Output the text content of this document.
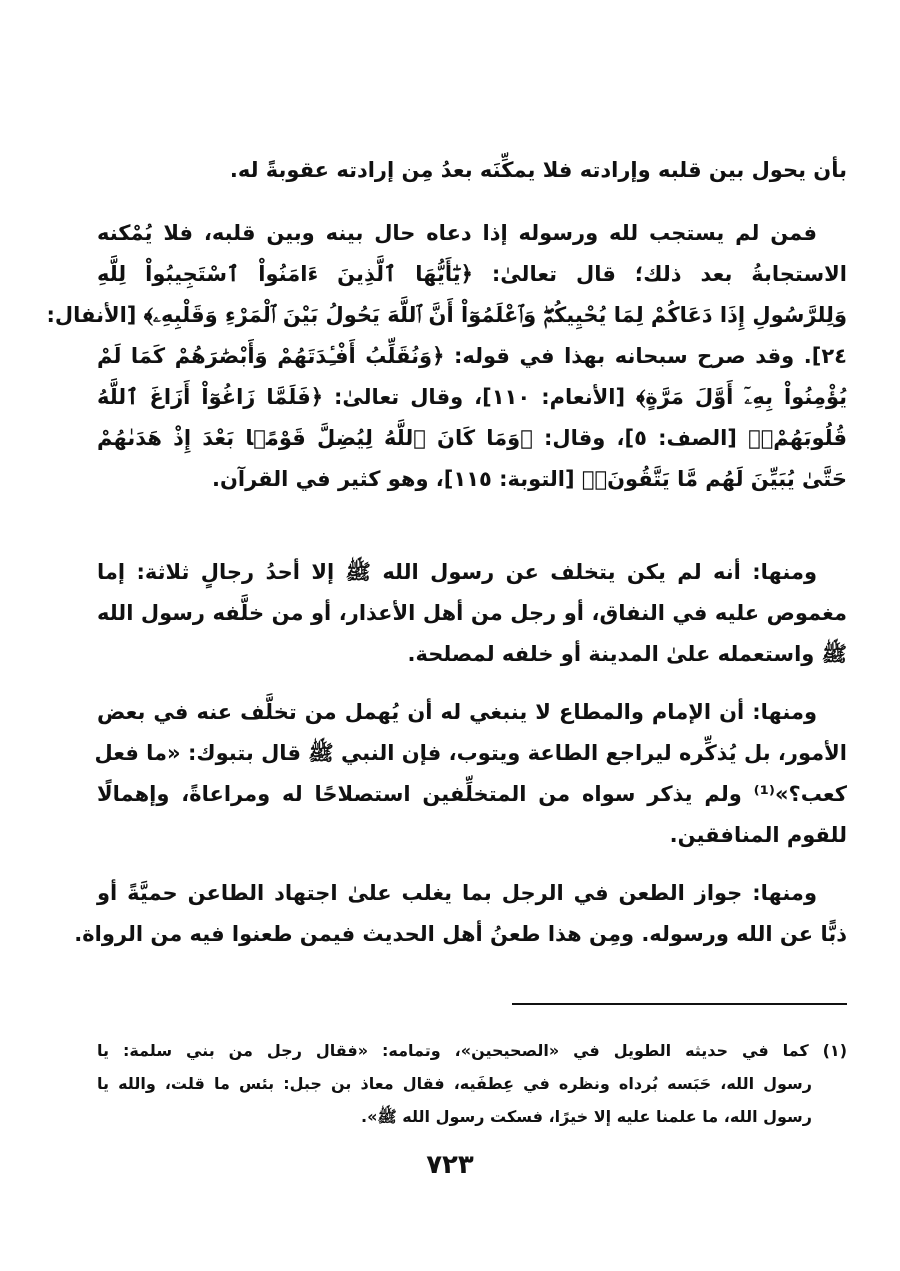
بأن يحول بين قلبه وإرادته فلا يمكِّنَه بعدُ مِن إرادته عقوبةً له.
فمن لم يستجب لله ورسوله إذا دعاه حال بينه وبين قلبه، فلا يُمْكنه
الاستجابةُ بعد ذلك؛ قال تعالىٰ: ﴿يَٰٓأَيُّهَا ٱلَّذِينَ ءَامَنُواْ ٱسْتَجِيبُواْ لِلَّهِ
وَلِلرَّسُولِ إِذَا دَعَاكُمْ لِمَا يُحْيِيكُمْۖ وَٱعْلَمُوٓاْ أَنَّ ٱللَّهَ يَحُولُ بَيْنَ ٱلْمَرْءِ وَقَلْبِهِۦ﴾ [الأنفال:
٢٤]. وقد صرح سبحانه بهذا في قوله: ﴿وَنُقَلِّبُ أَفْـِٔدَتَهُمْ وَأَبْصَٰرَهُمْ كَمَا لَمْ
يُؤْمِنُواْ بِهِۦٓ أَوَّلَ مَرَّةٍ﴾ [الأنعام: ١١٠]، وقال تعالىٰ: ﴿فَلَمَّا زَاغُوٓاْ أَزَاغَ ٱللَّهُ
قُلُوبَهُمْۚ﴾ [الصف: ٥]، وقال: ﴿وَمَا كَانَ ٱللَّهُ لِيُضِلَّ قَوْمًۢا بَعْدَ إِذْ هَدَىٰهُمْ
حَتَّىٰ يُبَيِّنَ لَهُم مَّا يَتَّقُونَۚ﴾ [التوبة: ١١٥]، وهو كثير في القرآن.
ومنها: أنه لم يكن يتخلف عن رسول الله ﷺ إلا أحدُ رجالٍ ثلاثة: إما
مغموص عليه في النفاق، أو رجل من أهل الأعذار، أو من خلَّفه رسول الله
ﷺ واستعمله علىٰ المدينة أو خلفه لمصلحة.
ومنها: أن الإمام والمطاع لا ينبغي له أن يُهمل من تخلَّف عنه في بعض
الأمور، بل يُذكِّره ليراجع الطاعة ويتوب، فإن النبي ﷺ قال بتبوك: «ما فعل
كعب؟»⁽¹⁾ ولم يذكر سواه من المتخلِّفين استصلاحًا له ومراعاةً، وإهمالًا
للقوم المنافقين.
ومنها: جواز الطعن في الرجل بما يغلب علىٰ اجتهاد الطاعن حميَّةً أو
ذبًّا عن الله ورسوله. ومِن هذا طعنُ أهل الحديث فيمن طعنوا فيه من الرواة.
(١) كما في حديثه الطويل في «الصحيحين»، وتمامه: «فقال رجل من بني سلمة: يا
رسول الله، حَبَسه بُرداه ونظره في عِطفَيه، فقال معاذ بن جبل: بئس ما قلت، والله يا
رسول الله، ما علمنا عليه إلا خيرًا، فسكت رسول الله ﷺ».
٧٢٣
